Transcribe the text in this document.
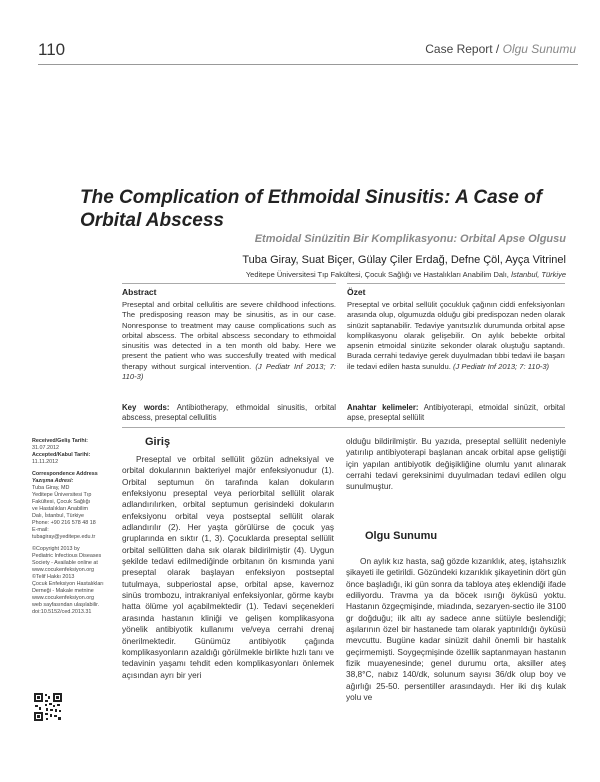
110	Case Report / Olgu Sunumu
The Complication of Ethmoidal Sinusitis: A Case of Orbital Abscess
Etmoidal Sinüzitin Bir Komplikasyonu: Orbital Apse Olgusu
Tuba Giray, Suat Biçer, Gülay Çiler Erdağ, Defne Çöl, Ayça Vitrinel
Yeditepe Üniversitesi Tıp Fakültesi, Çocuk Sağlığı ve Hastalıkları Anabilim Dalı, İstanbul, Türkiye
Abstract	Özet
Preseptal and orbital cellulitis are severe childhood infections. The predisposing reason may be sinusitis, as in our case. Nonresponse to treatment may cause complications such as orbital abscess. The orbital abscess secondary to ethmoidal sinusitis was detected in a ten month old baby. Here we present the patient who was succesfully treated with medical therapy without surgical intervention. (J Pediatr Inf 2013; 7: 110-3)
Preseptal ve orbital sellülit çocukluk çağının ciddi enfeksiyonları arasında olup, olgumuzda olduğu gibi predispozan neden olarak sinüzit saptanabilir. Tedaviye yanıtsızlık durumunda orbital apse komplikasyonu olarak gelişebilir. On aylık bebekte orbital apsenin etmoidal sinüzite sekonder olarak oluştuğu saptandı. Burada cerrahi tedaviye gerek duyulmadan tıbbi tedavi ile başarı ile tedavi edilen hasta sunuldu. (J Pediatr Inf 2013; 7: 110-3)
Key words: Antibiotherapy, ethmoidal sinusitis, orbital abscess, preseptal cellulitis
Anahtar kelimeler: Antibiyoterapi, etmoidal sinüzit, orbital apse, preseptal sellülit

Received/Geliş Tarihi:
31.07.2012
Accepted/Kabul Tarihi:
11.11.2012

Correspondence Address
Yazışma Adresi:
Tuba Giray, MD
Yeditepe Üniversitesi Tıp
Fakültesi, Çocuk Sağlığı
ve Hastalıkları Anabilim
Dalı, İstanbul, Türkiye
Phone: +90 216 578 48 18
E-mail:
tubagiray@yeditepe.edu.tr

©Copyright 2013 by
Pediatric Infectious Diseases
Society - Available online at
www.cocukenfeksiyon.org
©Telif Hakkı 2013
Çocuk Enfeksiyon Hastalıkları
Derneği - Makale metnine
www.cocukenfeksiyon.org
web sayfasından ulaşılabilir.
doi:10.5152/ced.2013.31

Giriş

Preseptal ve orbital sellülit gözün adneksiyal ve orbital dokularının bakteriyel majör enfeksiyonudur (1). Orbital septumun ön tarafında kalan dokuların enfeksiyonu preseptal veya periorbital sellülit olarak adlandırılırken, orbital septumun gerisindeki dokuların enfeksiyonu orbital veya postseptal sellülit olarak adlandırılır (2). Her yaşta görülürse de çocuk yaş gruplarında en sıktır (1, 3). Çocuklarda preseptal sellülit orbital sellülitten daha sık olarak bildirilmiştir (4). Uygun şekilde tedavi edilmediğinde orbitanın ön kısmında yani preseptal olarak başlayan enfeksiyon postseptal tutulmaya, subperiostal apse, orbital apse, kavernoz sinüs trombozu, intrakraniyal enfeksiyonlar, görme kaybı hatta ölüme yol açabilmektedir (1). Tedavi seçenekleri arasında hastanın kliniği ve gelişen komplikasyona yönelik antibiyotik kullanımı ve/veya cerrahi drenaj önerilmektedir. Günümüz antibiyotik çağında komplikasyonların azaldığı görülmekle birlikte hızlı tanı ve tedavinin yaşamı tehdit eden komplikasyonları önlemek açısından ayrı bir yeri

olduğu bildirilmiştir. Bu yazıda, preseptal sellülit nedeniyle yatırılıp antibiyoterapi başlanan ancak orbital apse geliştiği için yapılan antibiyotik değişikliğine olumlu yanıt alınarak cerrahi tedavi gereksinimi duyulmadan tedavi edilen olgu sunulmuştur.

Olgu Sunumu

On aylık kız hasta, sağ gözde kızarıklık, ateş, iştahsızlık şikayeti ile getirildi. Gözündeki kızarıklık şikayetinin dört gün önce başladığı, iki gün sonra da tabloya ateş eklendiği ifade ediliyordu. Travma ya da böcek ısırığı öyküsü yoktu. Hastanın özgeçmişinde, miadında, sezaryen-sectio ile 3100 gr doğduğu; ilk altı ay sadece anne sütüyle beslendiği; aşılarının özel bir hastanede tam olarak yaptırıldığı öyküsü mevcuttu. Bugüne kadar sinüzit dahil önemli bir hastalık geçirmemişti. Soygeçmişinde özellik saptanmayan hastanın fizik muayenesinde; genel durumu orta, aksiller ateş 38,8°C, nabız 140/dk, solunum sayısı 36/dk olup boy ve ağırlığı 25-50. persentiller arasındaydı. Her iki dış kulak yolu ve
